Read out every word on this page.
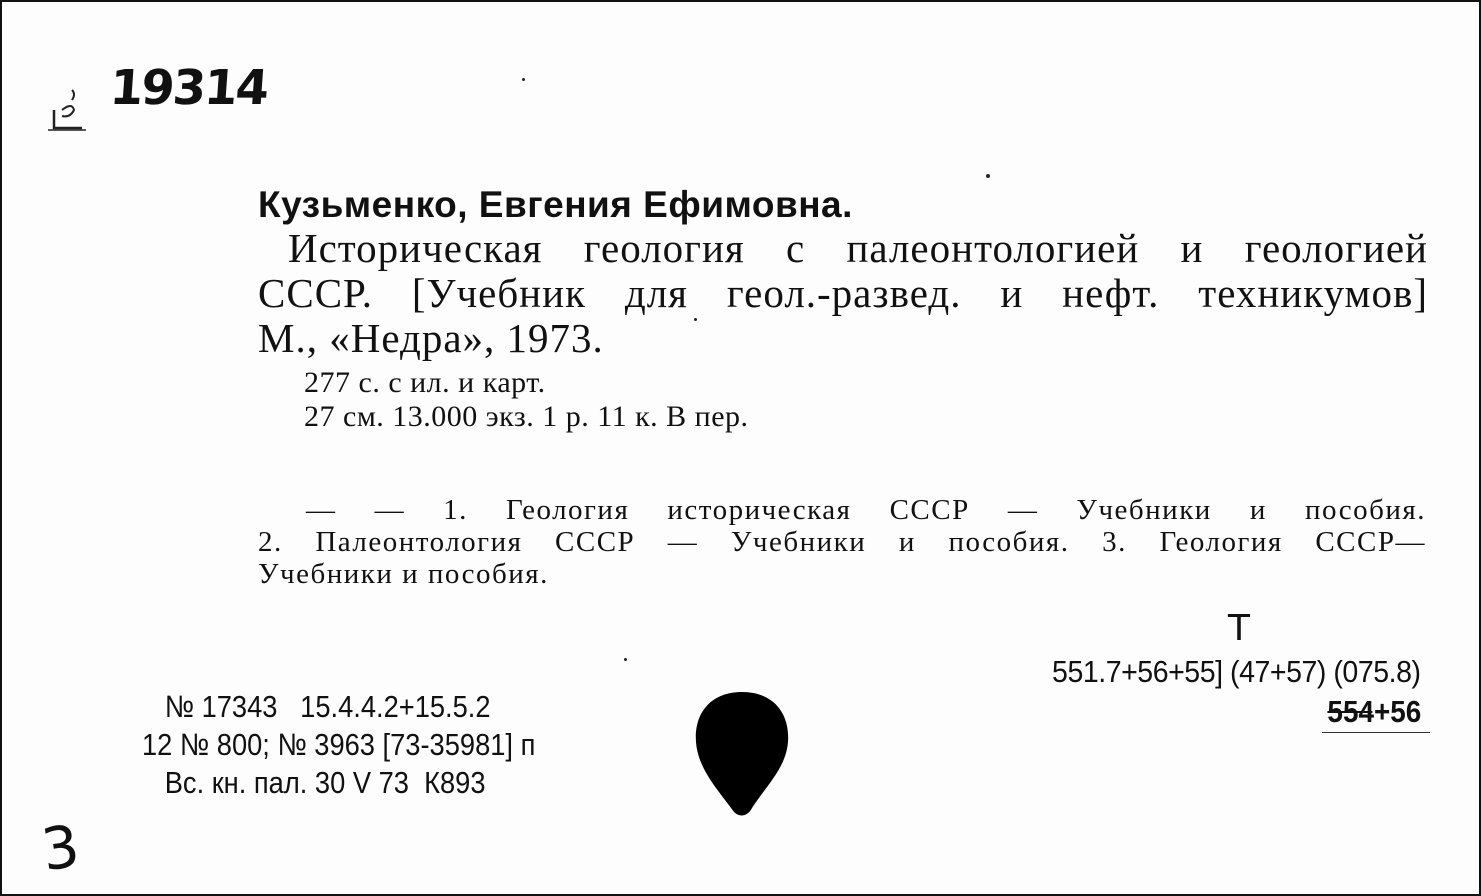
19314
Кузьменко, Евгения Ефимовна.
Историческая геология с палеонтологией и геологией
СССР. [Учебник для геол.-развед. и нефт. техникумов]
М., «Недра», 1973.
277 с. с ил. и карт.
27 см. 13.000 экз. 1 р. 11 к. В пер.
— — 1. Геология историческая СССР — Учебники и пособия.
2. Палеонтология СССР — Учебники и пособия. 3. Геология СССР—
Учебники и пособия.
T
551.7+56+55] (47+57) (075.8)
554+56
№ 17343   15.4.4.2+15.5.2
12 № 800; № 3963 [73-35981] п
Вс. кн. пал. 30 V 73  К893
3
